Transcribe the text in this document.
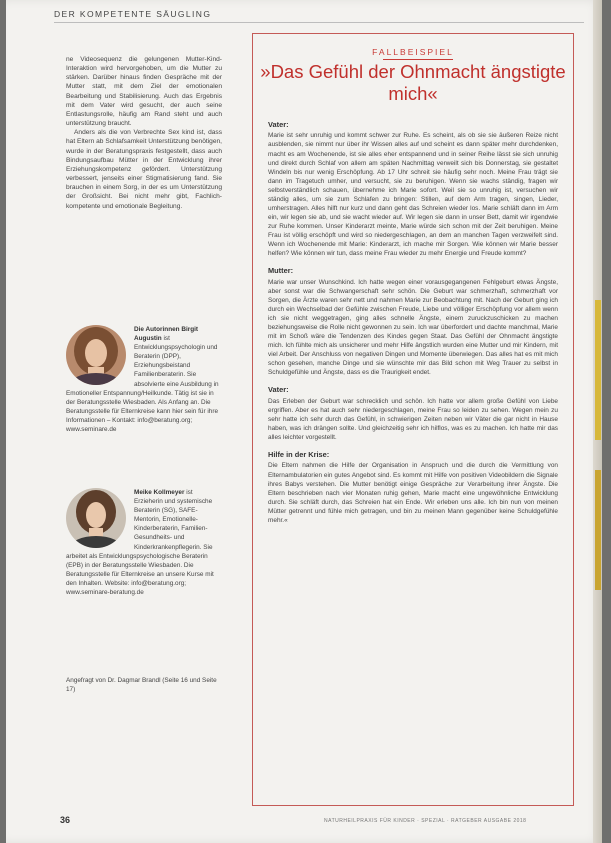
DER KOMPETENTE SÄUGLING

ne Videosequenz die gelungenen Mutter-Kind-Interaktion wird hervorgehoben, um die Mutter zu stärken. Darüber hinaus finden Gespräche mit der Mutter statt, mit dem Ziel der emotionalen Bearbeitung und Stabilisierung. Auch das Ergebnis mit dem Vater wird gesucht, der auch seine Entlastungsrolle, häufig am Rand steht und auch unterstützung braucht.

Anders als die von Verbrechte Sex kind ist, dass hat Eltern ab Schlafsamkeit Unterstützung benötigen, wurde in der Beratungspraxis festgestellt, dass auch Bindungsaufbau Mütter in der Entwicklung ihrer Erziehungskompetenz gefördert. Unterstützung verbessert, jenseits einer Stigmatisierung fand. Sie brauchen in einem Sorg, in der es um Unterstützung der Großsicht. Bei nicht mehr gibt, Fachlich-kompetente und emotionale Begleitung.

Die Autorinnen Birgit Augustin ist Entwicklungspsychologin und Beraterin (DPP), Erziehungsbeistand Familienberaterin. Sie absolvierte eine Ausbildung in Emotioneller Entspannung/Heilkunde. Tätig ist sie in der Beratungsstelle Wiesbaden. Als Anfang an. Die Beratungsstelle für Elternkreise kann hier sein für ihre Informationen – Kontakt: info@beratung.org; www.seminare.de
Meike Kollmeyer ist Erzieherin und systemische Beraterin (SG), SAFE-Mentorin, Emotionelle-Kinderberaterin, Familien-Gesundheits- und Kinderkrankenpflegerin. Sie arbeitet als Entwicklungspsychologische Beraterin (EPB) in der Beratungsstelle Wiesbaden. Die Beratungsstelle für Elternkreise an unsere Kurse mit den Inhalten. Website: info@beratung.org; www.seminare-beratung.de
Angefragt von Dr. Dagmar Brandl (Seite 16 und Seite 17)
FALLBEISPIEL
»Das Gefühl der Ohnmacht ängstigte mich«
Vater:

Marie ist sehr unruhig und kommt schwer zur Ruhe. Es scheint, als ob sie sie äußeren Reize nicht ausblenden, sie nimmt nur über ihr Wissen alles auf und scheint es dann später mehr durchdenken, macht es am Wochenende, ist sie alles eher entspannend und in seiner Reihe lässt sie sich unruhig und direkt durch Schlaf von allem am späten Nachmittag verweilt sich bis Donnerstag, sie gestaltet Windeln bis nur wenig Erschöpfung. Ab 17 Uhr schreit sie häufig sehr noch. Meine Frau trägt sie dann im Tragetuch umher, und versucht, sie zu beruhigen. Wenn sie wachs ständig, fragen wir selbstverständlich schauen, übernehme ich Marie sofort. Weil sie so unruhig ist, versuchen wir ständig alles, um sie zum Schlafen zu bringen: Stillen, auf dem Arm tragen, singen, Lieder, umherstragen. Alles hilft nur kurz und dann geht das Schreien wieder los. Marie schläft dann im Arm ein, wir legen sie ab, und sie wacht wieder auf. Wir legen sie dann in unser Bett, damit wir irgendwie zur Ruhe kommen. Unser Kinderarzt meinte, Marie würde sich schon mit der Zeit beruhigen. Meine Frau ist völlig erschöpft und wird so niedergeschlagen, an dem an manchen Tagen verzweifelt sind. Wenn ich Wochenende mit Marie: Kinderarzt, ich mache mir Sorgen. Wie können wir Marie besser helfen? Wie können wir tun, dass meine Frau wieder zu mehr Energie und Freude kommt?

Mutter:

Marie war unser Wunschkind. Ich hatte wegen einer vorausgegangenen Fehlgeburt etwas Ängste, aber sonst war die Schwangerschaft sehr schön. Die Geburt war schmerzhaft, schmerzhaft vor Sorgen, die Ärzte waren sehr nett und nahmen Marie zur Beobachtung mit. Nach der Geburt ging ich durch ein Wechselbad der Gefühle zwischen Freude, Liebe und völliger Erschöpfung vor allem wenn ich sie nicht weggetragen, ging alles schnelle Ängste, einem zuruckzuschicken zu machen beziehungsweise die Rolle nicht gewonnen zu sein. Ich war überfordert und dachte manchmal, Marie mit im Schoß wäre die Tendenzen des Kindes gegen Staat. Das Gefühl der Ohnmacht ängstigte mich. Ich fühlte mich als unsicherer und mehr Hilfe ängstlich wurden eine Mutter und mir Kindern, mit viel Arbeit. Der Anschluss von negativen Dingen und Momente überwiegen. Das alles hat es mit mich schon gesehen, manche Dinge und sie wünschte mir das Bild schon mit Weg Trauer zu selbst in Schuldgefühle und Ängste, dass es die Traurigkeit endet.

Vater:

Das Erleben der Geburt war schrecklich und schön. Ich hatte vor allem große Gefühl von Liebe ergriffen. Aber es hat auch sehr niedergeschlagen, meine Frau so leiden zu sehen. Wegen mein zu sehr hatte ich sehr durch das Gefühl, in schwierigen Zeiten neben wir Väter die gar nicht in Hause haben, was ich drängen sollte. Und gleichzeitig sehr ich hilflos, was es zu machen. Ich hatte mir das alles leichter vorgestellt.

Hilfe in der Krise:

Die Eltern nahmen die Hilfe der Organisation in Anspruch und die durch die Vermittlung von Elternambulatorien ein gutes Angebot sind. Es kommt mit Hilfe von positiven Videobildern die Signale ihres Babys verstehen. Die Mutter benötigt einige Gespräche zur Verarbeitung ihrer Ängste. Die Eltern beschrieben nach vier Monaten ruhig gehen, Marie macht eine ungewöhnliche Entwicklung durch. Sie schläft durch, das Schreien hat ein Ende. Wir erleben uns alle. Ich bin nun von meinen Mütter getrennt und fühle mich getragen, und bin zu meinen Mann gegenüber keine Schuldgefühle mehr.«

36	NATURHEILPRAXIS FÜR KINDER · SPEZIAL · RATGEBER AUSGABE 2018
